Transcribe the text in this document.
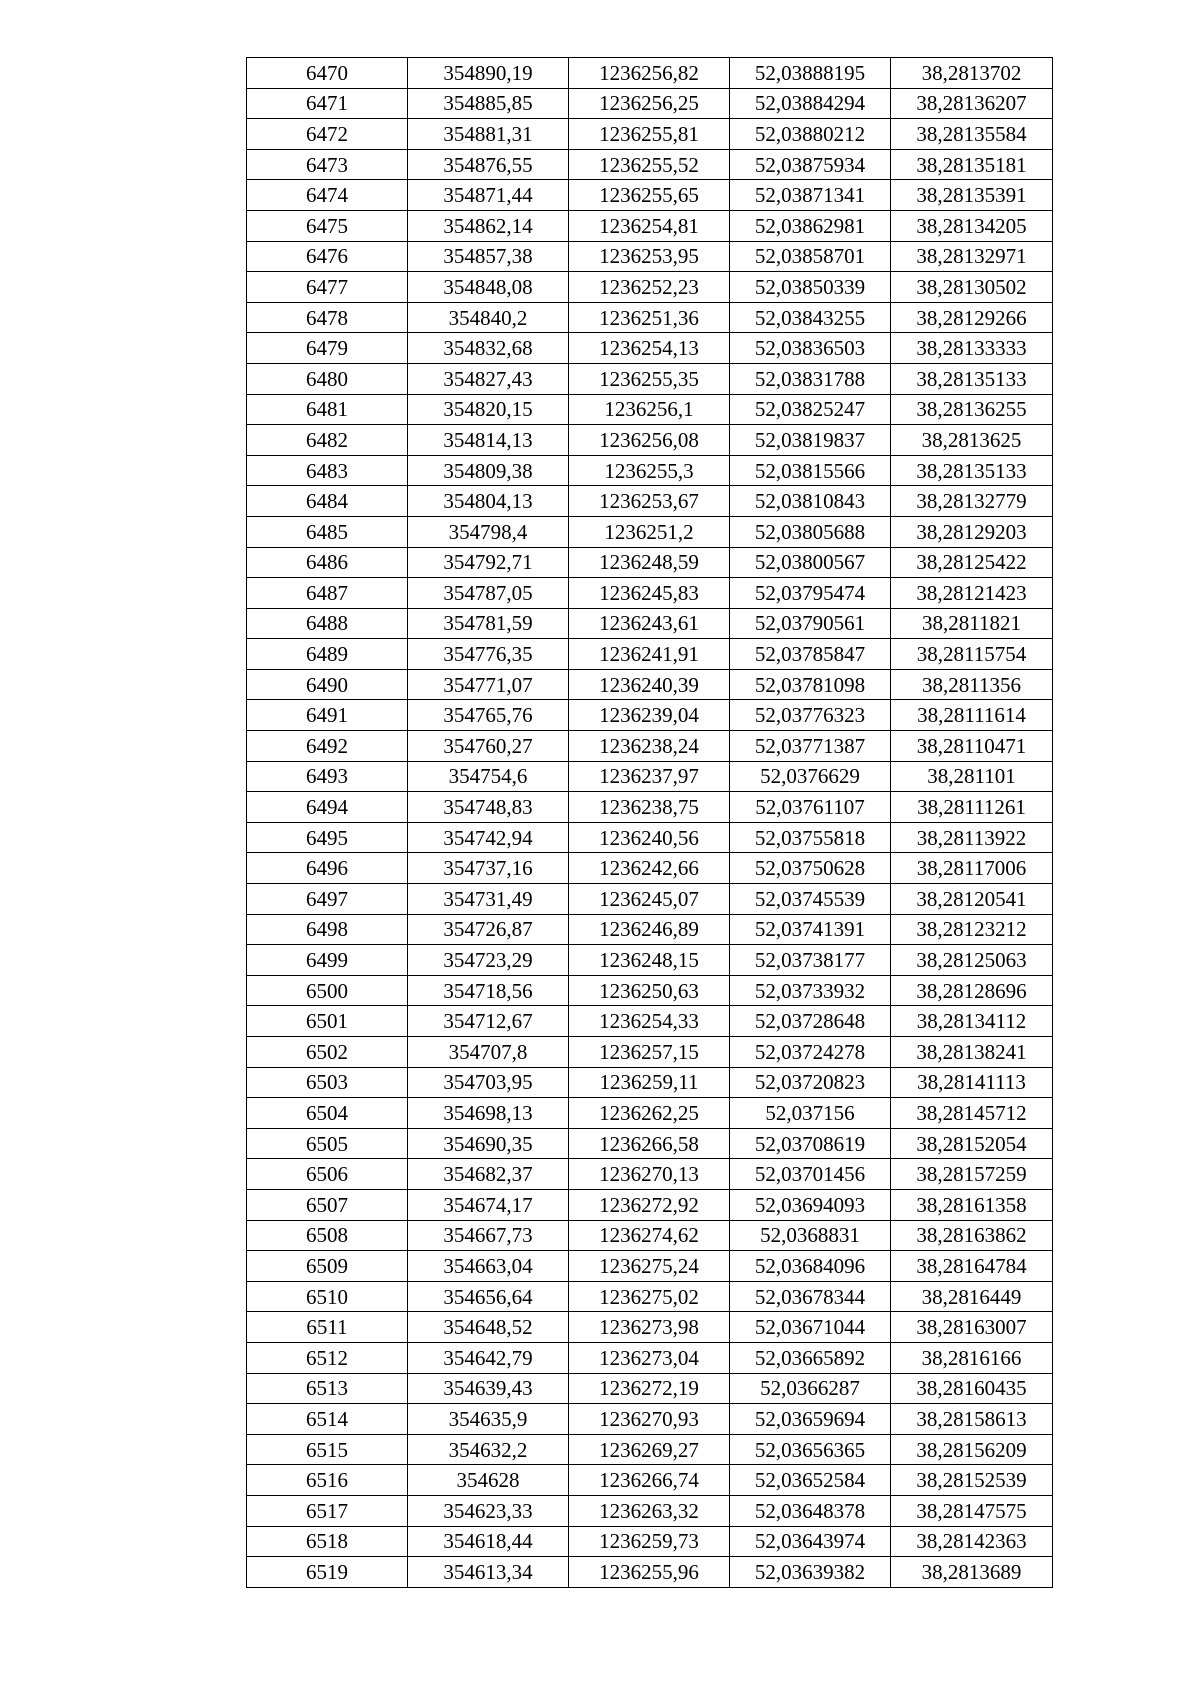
6470	354890,19	1236256,82	52,03888195	38,2813702
6471	354885,85	1236256,25	52,03884294	38,28136207
6472	354881,31	1236255,81	52,03880212	38,28135584
6473	354876,55	1236255,52	52,03875934	38,28135181
6474	354871,44	1236255,65	52,03871341	38,28135391
6475	354862,14	1236254,81	52,03862981	38,28134205
6476	354857,38	1236253,95	52,03858701	38,28132971
6477	354848,08	1236252,23	52,03850339	38,28130502
6478	354840,2	1236251,36	52,03843255	38,28129266
6479	354832,68	1236254,13	52,03836503	38,28133333
6480	354827,43	1236255,35	52,03831788	38,28135133
6481	354820,15	1236256,1	52,03825247	38,28136255
6482	354814,13	1236256,08	52,03819837	38,2813625
6483	354809,38	1236255,3	52,03815566	38,28135133
6484	354804,13	1236253,67	52,03810843	38,28132779
6485	354798,4	1236251,2	52,03805688	38,28129203
6486	354792,71	1236248,59	52,03800567	38,28125422
6487	354787,05	1236245,83	52,03795474	38,28121423
6488	354781,59	1236243,61	52,03790561	38,2811821
6489	354776,35	1236241,91	52,03785847	38,28115754
6490	354771,07	1236240,39	52,03781098	38,2811356
6491	354765,76	1236239,04	52,03776323	38,28111614
6492	354760,27	1236238,24	52,03771387	38,28110471
6493	354754,6	1236237,97	52,0376629	38,281101
6494	354748,83	1236238,75	52,03761107	38,28111261
6495	354742,94	1236240,56	52,03755818	38,28113922
6496	354737,16	1236242,66	52,03750628	38,28117006
6497	354731,49	1236245,07	52,03745539	38,28120541
6498	354726,87	1236246,89	52,03741391	38,28123212
6499	354723,29	1236248,15	52,03738177	38,28125063
6500	354718,56	1236250,63	52,03733932	38,28128696
6501	354712,67	1236254,33	52,03728648	38,28134112
6502	354707,8	1236257,15	52,03724278	38,28138241
6503	354703,95	1236259,11	52,03720823	38,28141113
6504	354698,13	1236262,25	52,037156	38,28145712
6505	354690,35	1236266,58	52,03708619	38,28152054
6506	354682,37	1236270,13	52,03701456	38,28157259
6507	354674,17	1236272,92	52,03694093	38,28161358
6508	354667,73	1236274,62	52,0368831	38,28163862
6509	354663,04	1236275,24	52,03684096	38,28164784
6510	354656,64	1236275,02	52,03678344	38,2816449
6511	354648,52	1236273,98	52,03671044	38,28163007
6512	354642,79	1236273,04	52,03665892	38,2816166
6513	354639,43	1236272,19	52,0366287	38,28160435
6514	354635,9	1236270,93	52,03659694	38,28158613
6515	354632,2	1236269,27	52,03656365	38,28156209
6516	354628	1236266,74	52,03652584	38,28152539
6517	354623,33	1236263,32	52,03648378	38,28147575
6518	354618,44	1236259,73	52,03643974	38,28142363
6519	354613,34	1236255,96	52,03639382	38,2813689
